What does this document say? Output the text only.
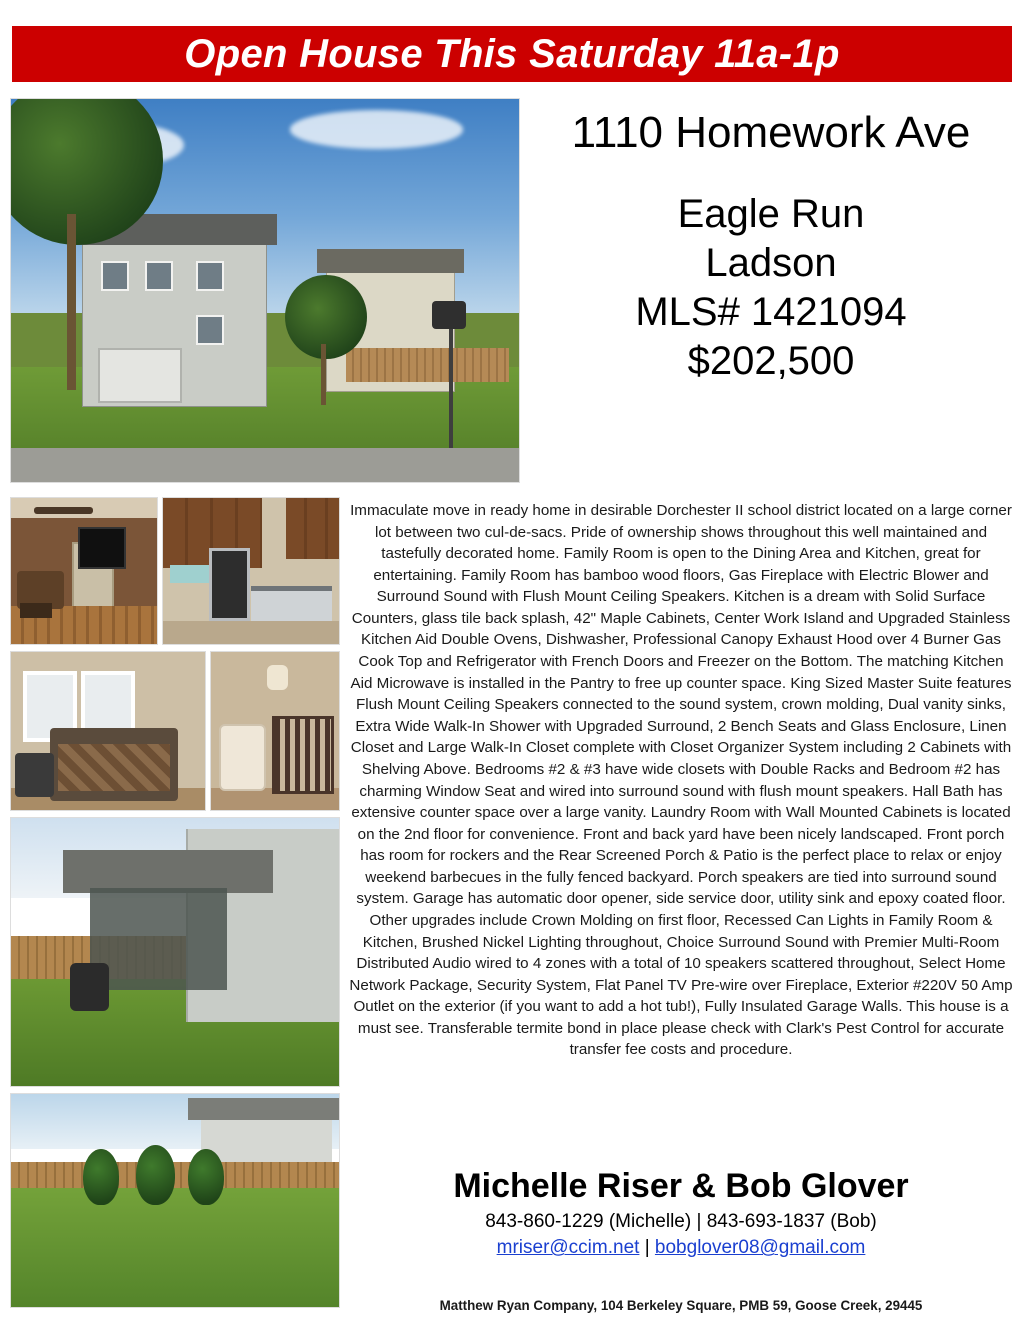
Open House This Saturday 11a-1p
1110 Homework Ave
Eagle Run
Ladson
MLS# 1421094
$202,500
Immaculate move in ready home in desirable Dorchester II school district located on a large corner lot between two cul-de-sacs. Pride of ownership shows throughout this well maintained and tastefully decorated home. Family Room is open to the Dining Area and Kitchen, great for entertaining. Family Room has bamboo wood floors, Gas Fireplace with Electric Blower and Surround Sound with Flush Mount Ceiling Speakers. Kitchen is a dream with Solid Surface Counters, glass tile back splash, 42" Maple Cabinets, Center Work Island and Upgraded Stainless Kitchen Aid Double Ovens, Dishwasher, Professional Canopy Exhaust Hood over 4 Burner Gas Cook Top and Refrigerator with French Doors and Freezer on the Bottom. The matching Kitchen Aid Microwave is installed in the Pantry to free up counter space. King Sized Master Suite features Flush Mount Ceiling Speakers connected to the sound system, crown molding, Dual vanity sinks, Extra Wide Walk-In Shower with Upgraded Surround, 2 Bench Seats and Glass Enclosure, Linen Closet and Large Walk-In Closet complete with Closet Organizer System including 2 Cabinets with Shelving Above. Bedrooms #2 & #3 have wide closets with Double Racks and Bedroom #2 has charming Window Seat and wired into surround sound with flush mount speakers. Hall Bath has extensive counter space over a large vanity. Laundry Room with Wall Mounted Cabinets is located on the 2nd floor for convenience. Front and back yard have been nicely landscaped. Front porch has room for rockers and the Rear Screened Porch & Patio is the perfect place to relax or enjoy weekend barbecues in the fully fenced backyard. Porch speakers are tied into surround sound system. Garage has automatic door opener, side service door, utility sink and epoxy coated floor. Other upgrades include Crown Molding on first floor, Recessed Can Lights in Family Room & Kitchen, Brushed Nickel Lighting throughout, Choice Surround Sound with Premier Multi-Room Distributed Audio wired to 4 zones with a total of 10 speakers scattered throughout, Select Home Network Package, Security System, Flat Panel TV Pre-wire over Fireplace, Exterior #220V 50 Amp Outlet on the exterior (if you want to add a hot tub!), Fully Insulated Garage Walls. This house is a must see. Transferable termite bond in place please check with Clark's Pest Control for accurate transfer fee costs and procedure.
Michelle Riser & Bob Glover
843-860-1229 (Michelle) | 843-693-1837 (Bob)
mriser@ccim.net | bobglover08@gmail.com
Matthew Ryan Company, 104 Berkeley Square, PMB 59, Goose Creek, 29445
